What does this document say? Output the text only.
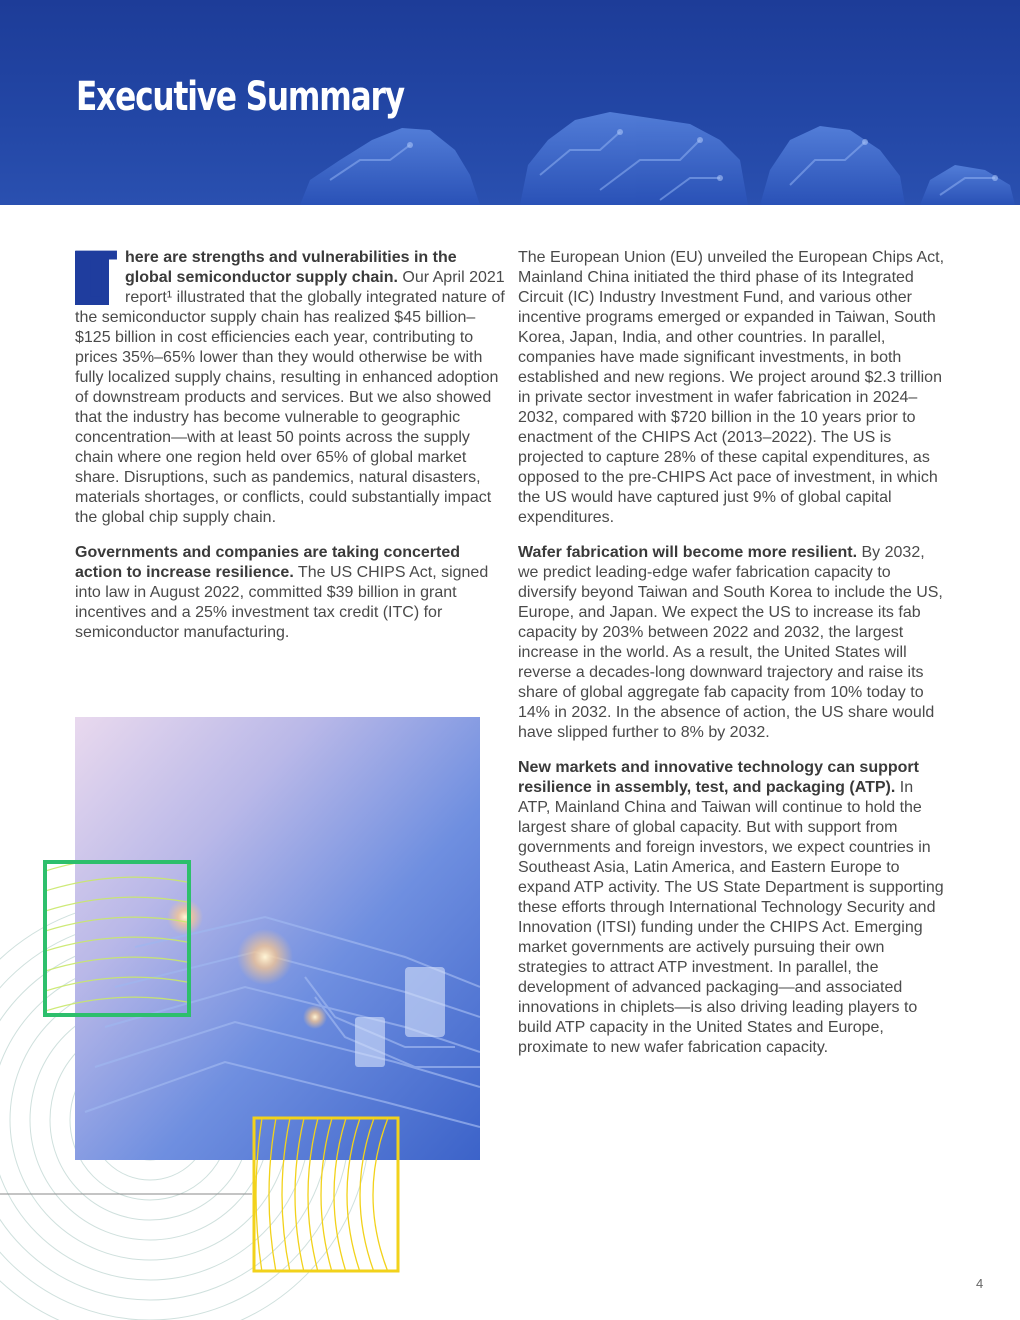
Executive Summary

T here are strengths and vulnerabilities in the global semiconductor supply chain. Our April 2021 report¹ illustrated that the globally integrated nature of the semiconductor supply chain has realized $45 billion–$125 billion in cost efficiencies each year, contributing to prices 35%–65% lower than they would otherwise be with fully localized supply chains, resulting in enhanced adoption of downstream products and services. But we also showed that the industry has become vulnerable to geographic concentration—with at least 50 points across the supply chain where one region held over 65% of global market share. Disruptions, such as pandemics, natural disasters, materials shortages, or conflicts, could substantially impact the global chip supply chain.

Governments and companies are taking concerted action to increase resilience. The US CHIPS Act, signed into law in August 2022, committed $39 billion in grant incentives and a 25% investment tax credit (ITC) for semiconductor manufacturing.

The European Union (EU) unveiled the European Chips Act, Mainland China initiated the third phase of its Integrated Circuit (IC) Industry Investment Fund, and various other incentive programs emerged or expanded in Taiwan, South Korea, Japan, India, and other countries. In parallel, companies have made significant investments, in both established and new regions. We project around $2.3 trillion in private sector investment in wafer fabrication in 2024–2032, compared with $720 billion in the 10 years prior to enactment of the CHIPS Act (2013–2022). The US is projected to capture 28% of these capital expenditures, as opposed to the pre-CHIPS Act pace of investment, in which the US would have captured just 9% of global capital expenditures.

Wafer fabrication will become more resilient. By 2032, we predict leading-edge wafer fabrication capacity to diversify beyond Taiwan and South Korea to include the US, Europe, and Japan. We expect the US to increase its fab capacity by 203% between 2022 and 2032, the largest increase in the world. As a result, the United States will reverse a decades-long downward trajectory and raise its share of global aggregate fab capacity from 10% today to 14% in 2032. In the absence of action, the US share would have slipped further to 8% by 2032.

New markets and innovative technology can support resilience in assembly, test, and packaging (ATP). In ATP, Mainland China and Taiwan will continue to hold the largest share of global capacity. But with support from governments and foreign investors, we expect countries in Southeast Asia, Latin America, and Eastern Europe to expand ATP activity. The US State Department is supporting these efforts through International Technology Security and Innovation (ITSI) funding under the CHIPS Act. Emerging market governments are actively pursuing their own strategies to attract ATP investment. In parallel, the development of advanced packaging—and associated innovations in chiplets—is also driving leading players to build ATP capacity in the United States and Europe, proximate to new wafer fabrication capacity.

4
